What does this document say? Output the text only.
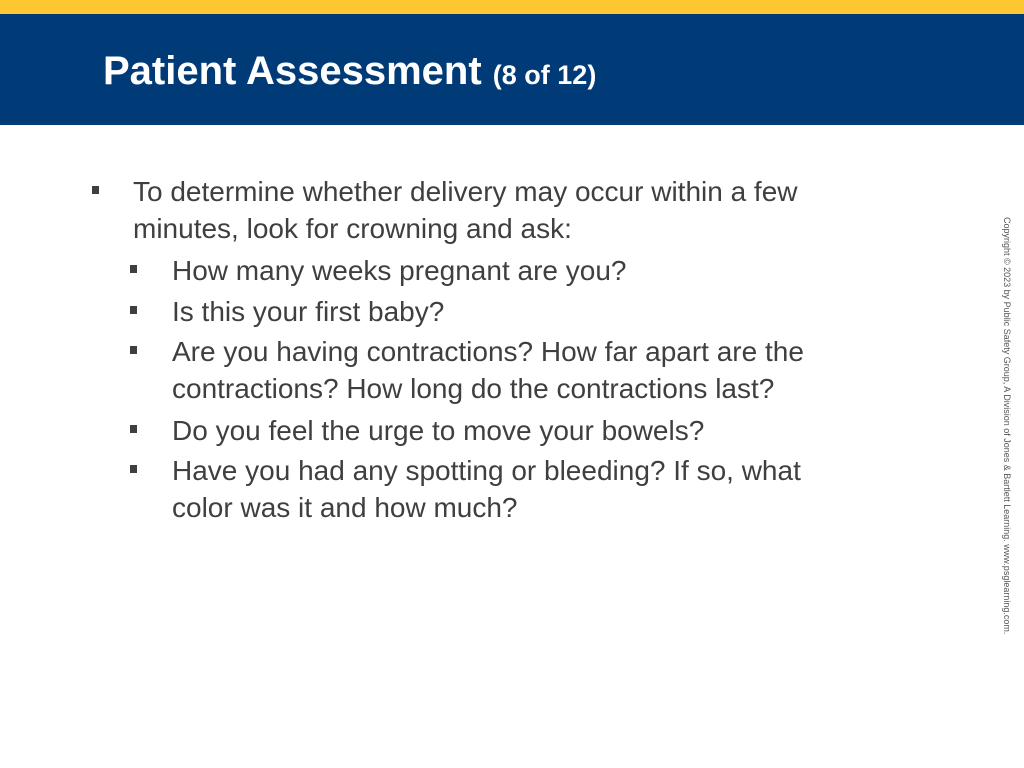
Patient Assessment (8 of 12)
To determine whether delivery may occur within a few
minutes, look for crowning and ask:
How many weeks pregnant are you?
Is this your first baby?
Are you having contractions? How far apart are the
contractions? How long do the contractions last?
Do you feel the urge to move your bowels?
Have you had any spotting or bleeding? If so, what
color was it and how much?	Copyright © 2023 by Public Safety Group, A Division of Jones & Bartlett Learning. www.psglearning.com.
